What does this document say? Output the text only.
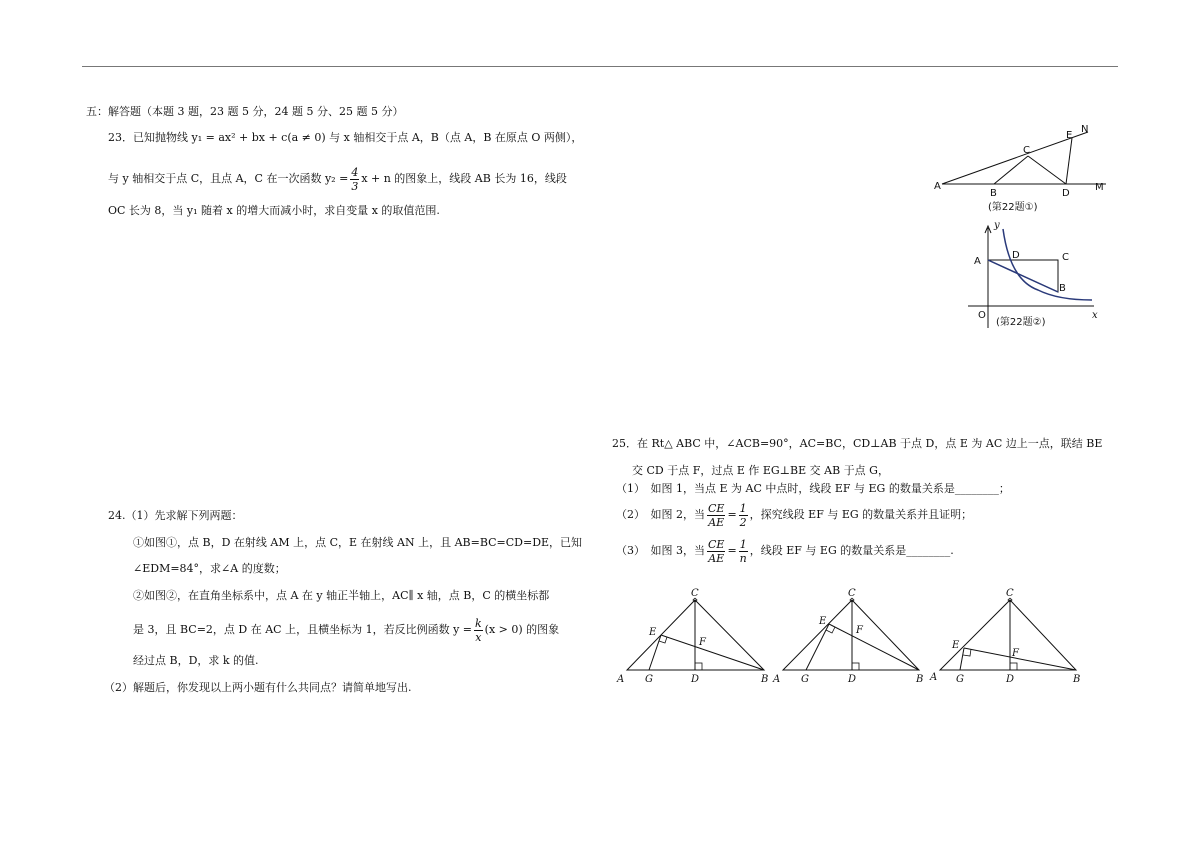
五：解答题（本题 3 题，23 题 5 分，24 题 5 分、25 题 5 分）
23．已知抛物线 y₁ = ax² + bx + c(a ≠ 0) 与 x 轴相交于点 A，B（点 A，B 在原点 O 两侧），
与 y 轴相交于点 C，且点 A，C 在一次函数 $y_2 = \frac{4}{3}$ x + n 的图象上，线段 AB 长为 16，线段
OC 长为 8，当 y₁ 随着 x 的增大而减小时，求自变量 x 的取值范围.
A
B
C
D
E
N
M
(第22题①)
y
x
O
A
D	C
B
(第22题②)
24.（1）先求解下列两题：
①如图①，点 B，D 在射线 AM 上，点 C，E 在射线 AN 上，且 AB=BC=CD=DE，已知
∠EDM=84°，求∠A 的度数；
②如图②，在直角坐标系中，点 A 在 y 轴正半轴上，AC∥ x 轴，点 B，C 的横坐标都
是 3，且 BC=2，点 D 在 AC 上，且横坐标为 1，若反比例函数 $y = \frac{k}{x} (x > 0)$ 的图象
经过点 B，D，求 k 的值.
（2）解题后，你发现以上两小题有什么共同点？请简单地写出.
25．在 Rt△ ABC 中，∠ACB=90°，AC=BC，CD⊥AB 于点 D，点 E 为 AC 边上一点，联结 BE
交 CD 于点 F，过点 E 作 EG⊥BE 交 AB 于点 G，
（1）　如图 1，当点 E 为 AC 中点时，线段 EF 与 EG 的数量关系是________；
（2）　如图 2，当 $\frac{CE}{AE} = \frac{1}{2}$ ，探究线段 EF 与 EG 的数量关系并且证明；
（3）　如图 3，当 $\frac{CE}{AE} = \frac{1}{n}$ ，线段 EF 与 EG 的数量关系是________.
A	B
C
D
E
F
G	A	B
C
D
E
F
G	A	B
C
D
E
F
G
